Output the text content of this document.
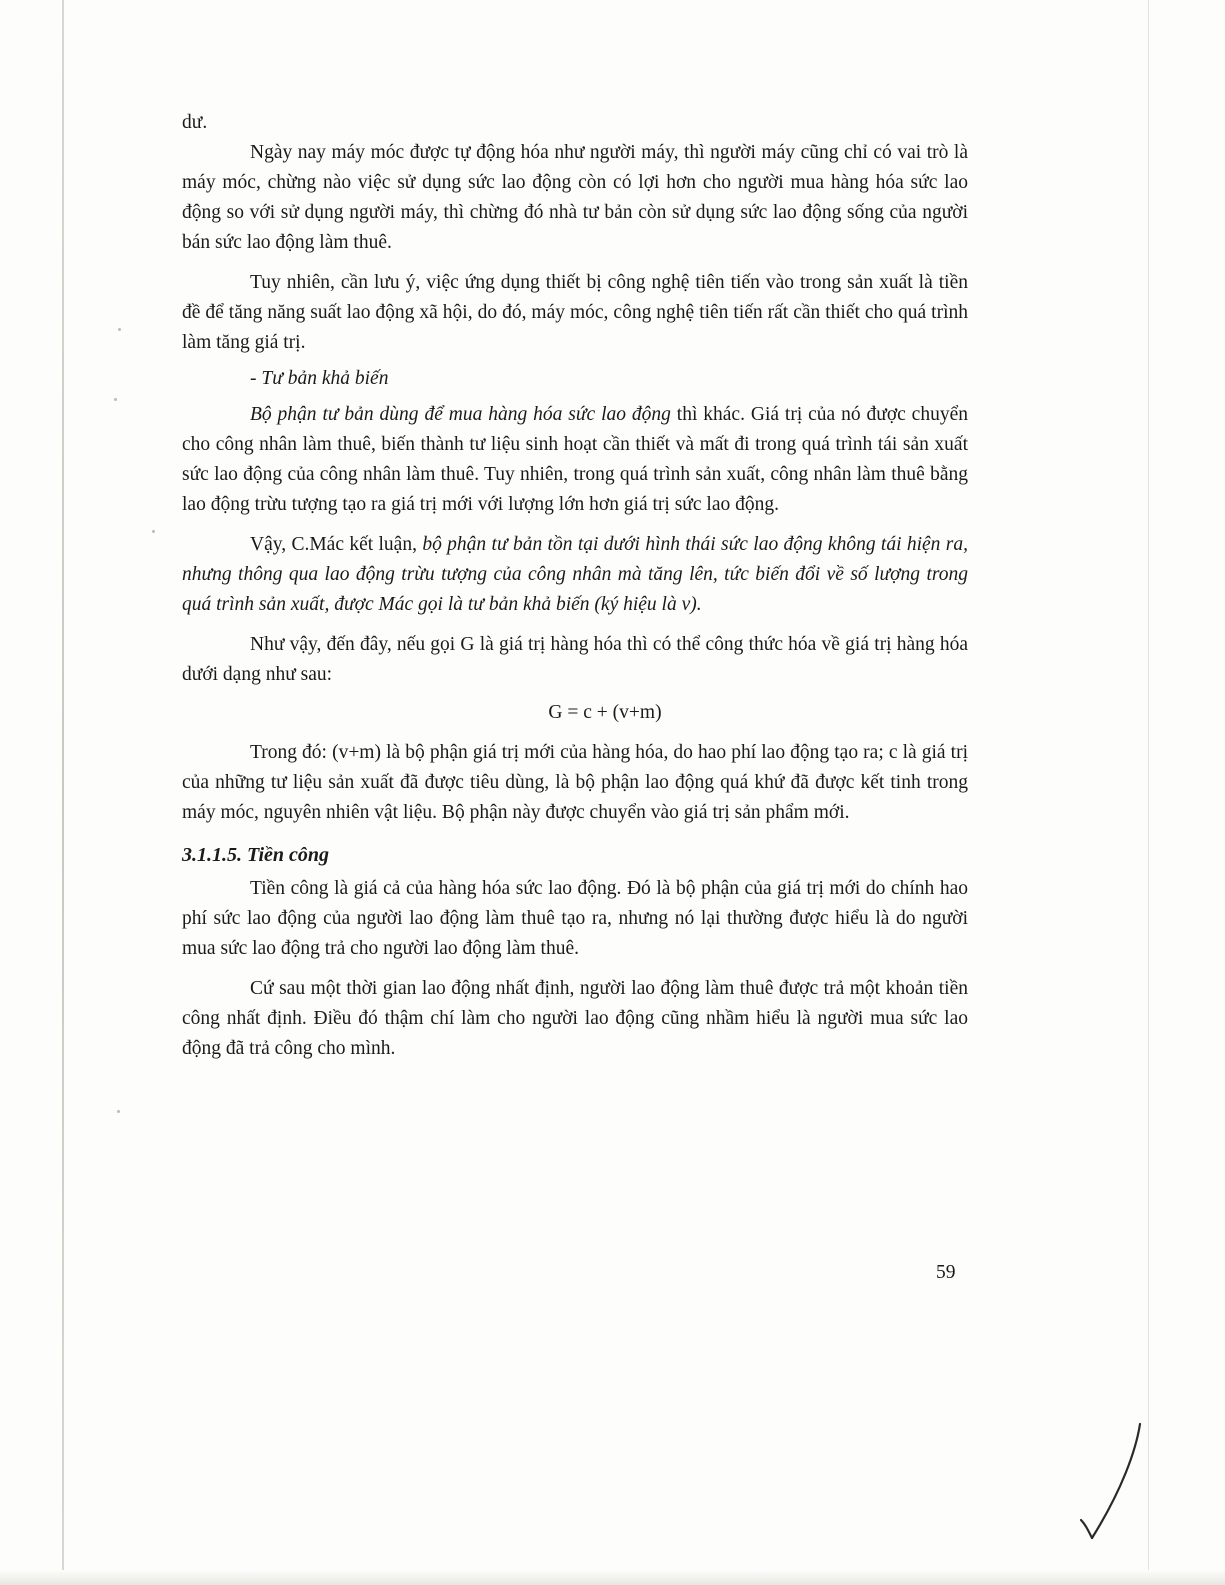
dư.

Ngày nay máy móc được tự động hóa như người máy, thì người máy cũng chỉ có vai trò là máy móc, chừng nào việc sử dụng sức lao động còn có lợi hơn cho người mua hàng hóa sức lao động so với sử dụng người máy, thì chừng đó nhà tư bản còn sử dụng sức lao động sống của người bán sức lao động làm thuê.

Tuy nhiên, cần lưu ý, việc ứng dụng thiết bị công nghệ tiên tiến vào trong sản xuất là tiền đề để tăng năng suất lao động xã hội, do đó, máy móc, công nghệ tiên tiến rất cần thiết cho quá trình làm tăng giá trị.

- Tư bản khả biến

Bộ phận tư bản dùng để mua hàng hóa sức lao động thì khác. Giá trị của nó được chuyển cho công nhân làm thuê, biến thành tư liệu sinh hoạt cần thiết và mất đi trong quá trình tái sản xuất sức lao động của công nhân làm thuê. Tuy nhiên, trong quá trình sản xuất, công nhân làm thuê bằng lao động trừu tượng tạo ra giá trị mới với lượng lớn hơn giá trị sức lao động.

Vậy, C.Mác kết luận, bộ phận tư bản tồn tại dưới hình thái sức lao động không tái hiện ra, nhưng thông qua lao động trừu tượng của công nhân mà tăng lên, tức biến đổi về số lượng trong quá trình sản xuất, được Mác gọi là tư bản khả biến (ký hiệu là v).

Như vậy, đến đây, nếu gọi G là giá trị hàng hóa thì có thể công thức hóa về giá trị hàng hóa dưới dạng như sau:

G = c + (v+m)

Trong đó: (v+m) là bộ phận giá trị mới của hàng hóa, do hao phí lao động tạo ra; c là giá trị của những tư liệu sản xuất đã được tiêu dùng, là bộ phận lao động quá khứ đã được kết tinh trong máy móc, nguyên nhiên vật liệu. Bộ phận này được chuyển vào giá trị sản phẩm mới.

3.1.1.5. Tiền công

Tiền công là giá cả của hàng hóa sức lao động. Đó là bộ phận của giá trị mới do chính hao phí sức lao động của người lao động làm thuê tạo ra, nhưng nó lại thường được hiểu là do người mua sức lao động trả cho người lao động làm thuê.

Cứ sau một thời gian lao động nhất định, người lao động làm thuê được trả một khoản tiền công nhất định. Điều đó thậm chí làm cho người lao động cũng nhầm hiểu là người mua sức lao động đã trả công cho mình.

59
